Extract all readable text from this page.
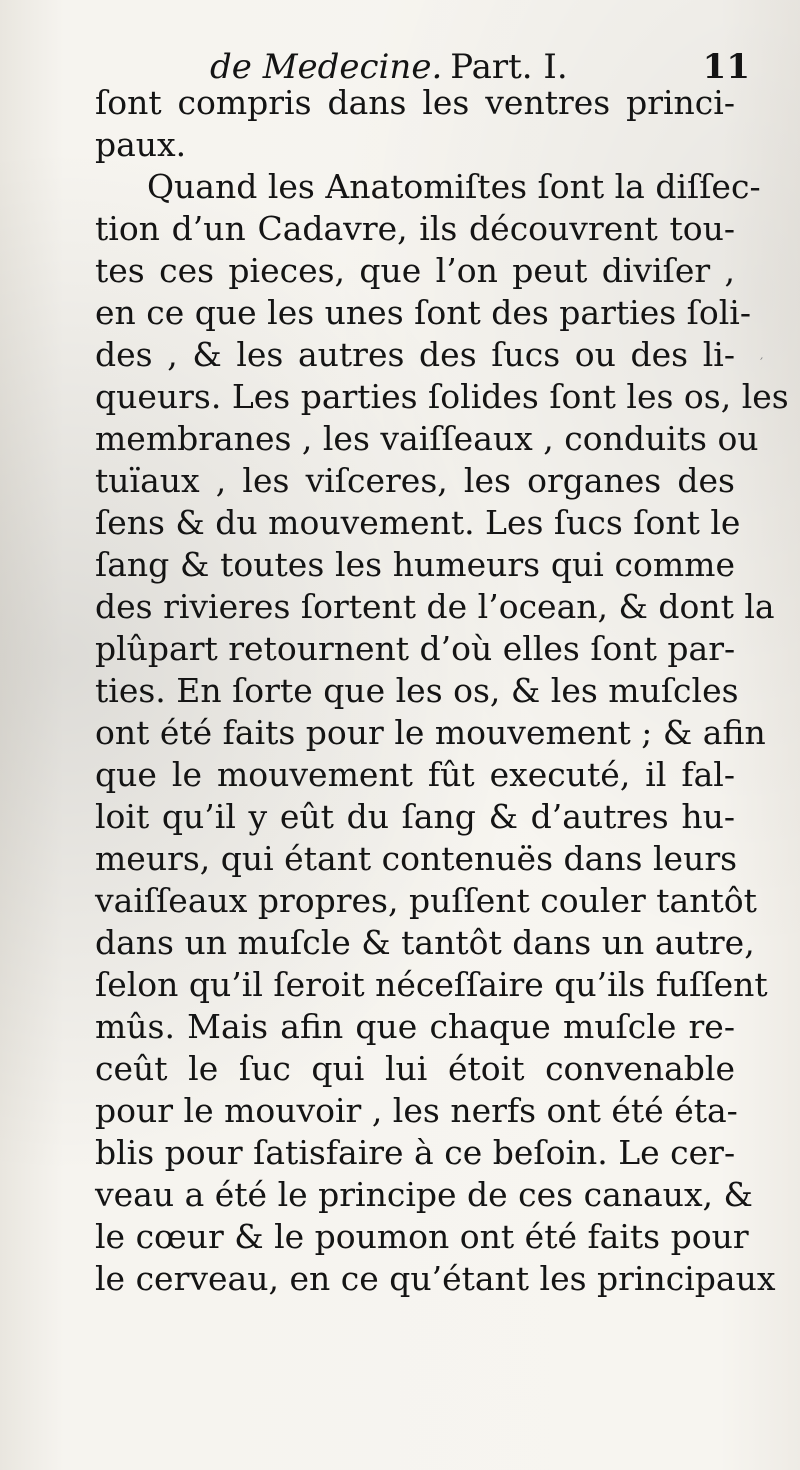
de Medecine. Part. I.	11
ſont compris dans les ventres princi-
paux.
Quand les Anatomiſtes ſont la diſſec-
tion d’un Cadavre, ils découvrent tou-
tes ces pieces, que l’on peut diviſer ,
en ce que les unes ſont des parties ſoli-
des , & les autres des ſucs ou des li-
queurs. Les parties ſolides ſont les os, les
membranes , les vaiſſeaux , conduits ou
tuïaux , les viſceres, les organes des
ſens & du mouvement. Les ſucs ſont le
ſang & toutes les humeurs qui comme
des rivieres ſortent de l’ocean, & dont la
plûpart retournent d’où elles ſont par-
ties. En ſorte que les os, & les muſcles
ont été faits pour le mouvement ; & afin
que le mouvement fût executé, il fal-
loit qu’il y eût du ſang & d’autres hu-
meurs, qui étant contenuës dans leurs
vaiſſeaux propres, puſſent couler tantôt
dans un muſcle & tantôt dans un autre,
ſelon qu’il ſeroit néceſſaire qu’ils fuſſent
mûs. Mais afin que chaque muſcle re-
ceût le ſuc qui lui étoit convenable
pour le mouvoir , les nerfs ont été éta-
blis pour ſatisfaire à ce beſoin. Le cer-
veau a été le principe de ces canaux, &
le cœur & le poumon ont été faits pour
le cerveau, en ce qu’étant les principaux
′
